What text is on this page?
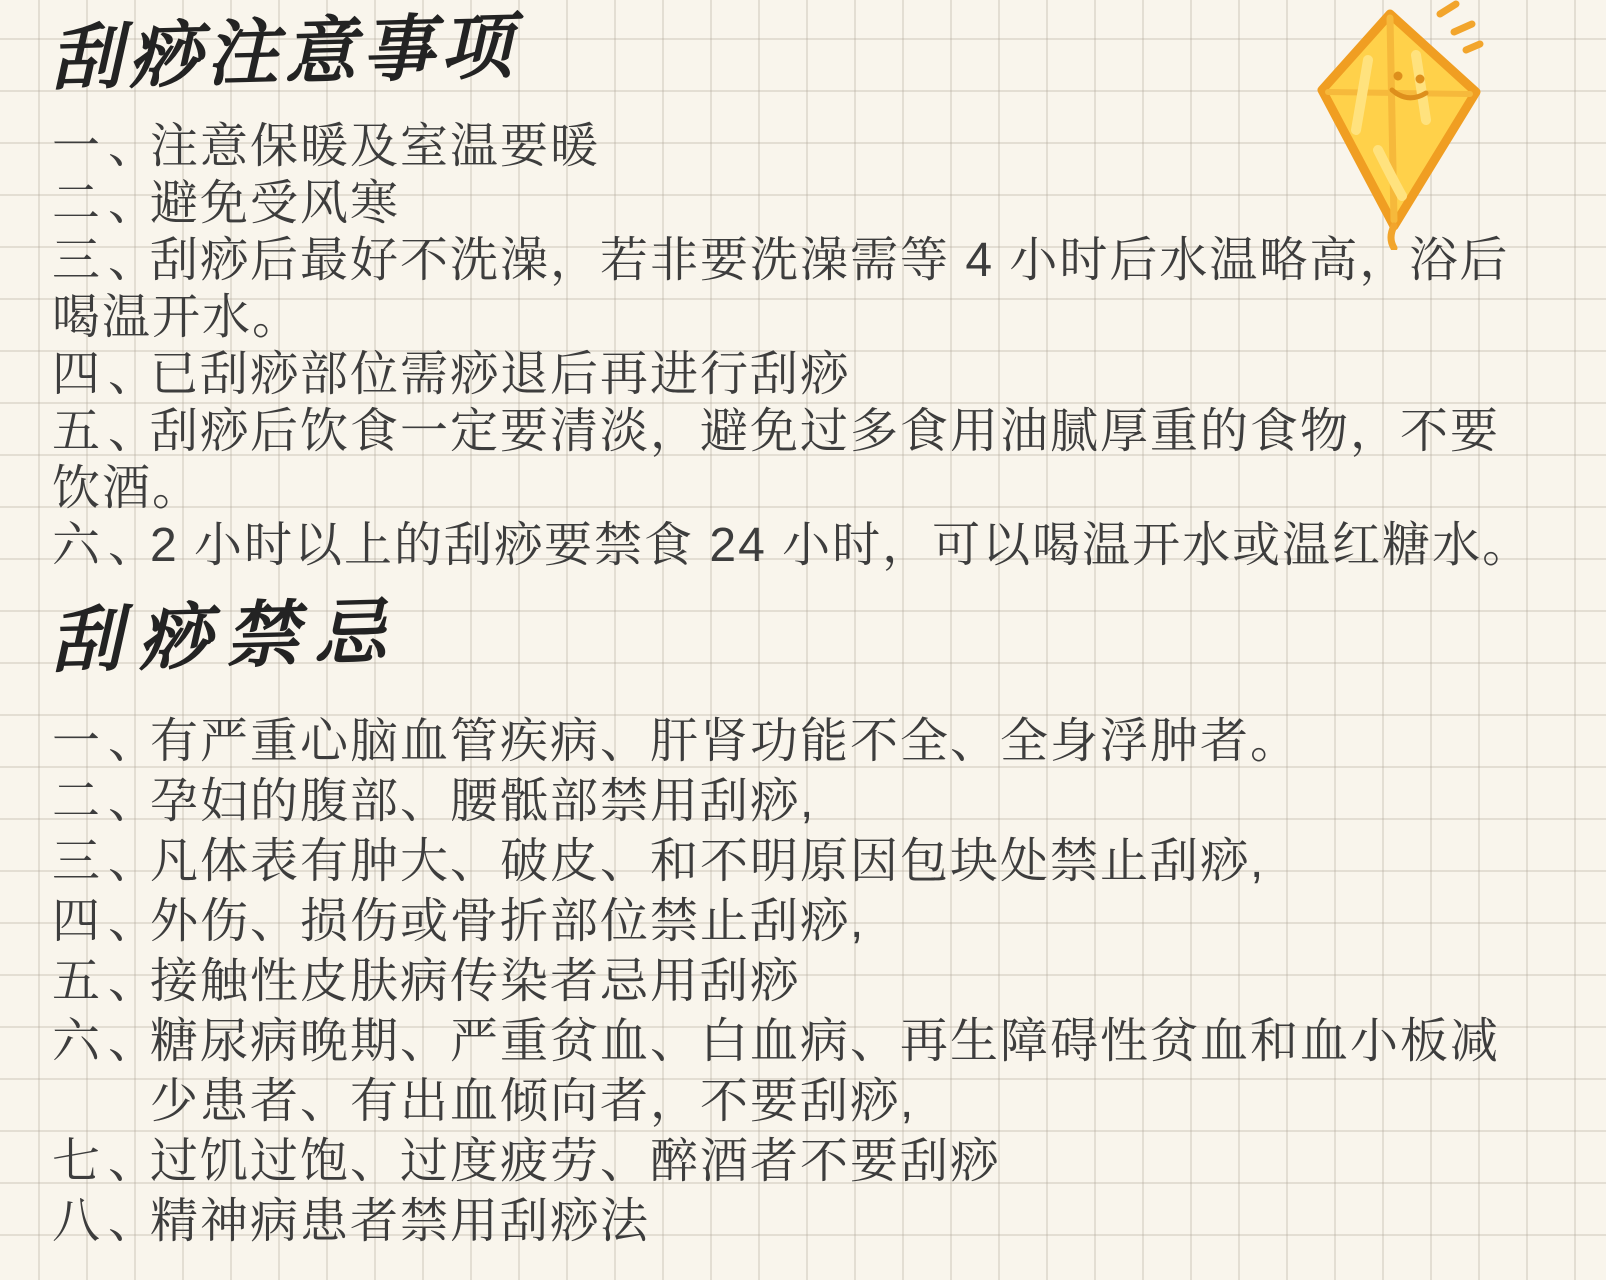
刮痧注意事项
一、
注意保暖及室温要暖
二、
避免受风寒
三、
刮痧后最好不洗澡，若非要洗澡需等 4 小时后水温略高，浴后
喝温开水。
四、
已刮痧部位需痧退后再进行刮痧
五、
刮痧后饮食一定要清淡，避免过多食用油腻厚重的食物，不要
饮酒。
六、
2 小时以上的刮痧要禁食 24 小时，可以喝温开水或温红糖水。
刮痧禁忌
一、
有严重心脑血管疾病、肝肾功能不全、全身浮肿者。
二、
孕妇的腹部、腰骶部禁用刮痧,
三、
凡体表有肿大、破皮、和不明原因包块处禁止刮痧,
四、
外伤、损伤或骨折部位禁止刮痧,
五、
接触性皮肤病传染者忌用刮痧
六、
糖尿病晚期、严重贫血、白血病、再生障碍性贫血和血小板减
少患者、有出血倾向者，不要刮痧,
七、
过饥过饱、过度疲劳、醉酒者不要刮痧
八、
精神病患者禁用刮痧法
